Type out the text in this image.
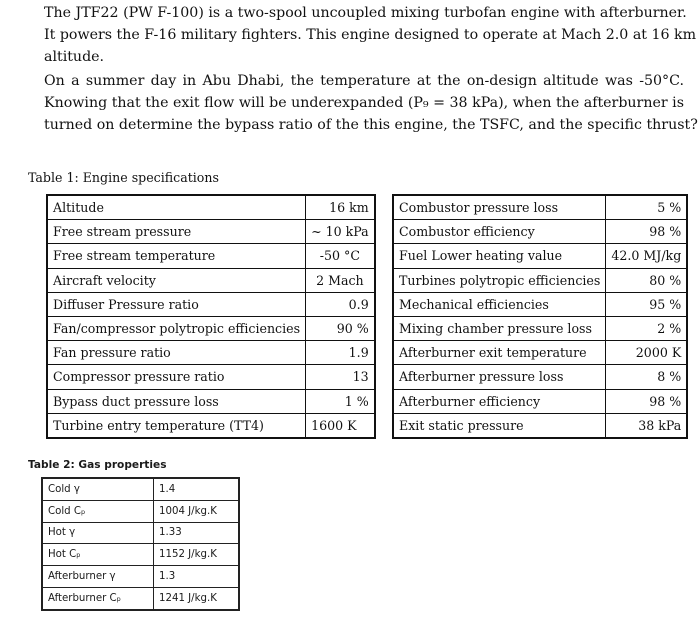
The JTF22 (PW F-100) is a two-spool uncoupled mixing turbofan engine with afterburner.
It powers the F-16 military fighters. This engine designed to operate at Mach 2.0 at 16 km
altitude.
On a summer day in Abu Dhabi, the temperature at the on-design altitude was -50°C.
Knowing that the exit flow will be underexpanded (P₉ = 38 kPa), when the afterburner is
turned on determine the bypass ratio of the this engine, the TSFC, and the specific thrust?
Table 1: Engine specifications
Altitude	16 km
Free stream pressure	~ 10 kPa
Free stream temperature	-50 °C
Aircraft velocity	2 Mach
Diffuser Pressure ratio	0.9
Fan/compressor polytropic efficiencies	90 %
Fan pressure ratio	1.9
Compressor pressure ratio	13
Bypass duct pressure loss	1 %
Turbine entry temperature (TT4)	1600 K
Combustor pressure loss	5 %
Combustor efficiency	98 %
Fuel Lower heating value	42.0 MJ/kg
Turbines polytropic efficiencies	80 %
Mechanical efficiencies	95 %
Mixing chamber pressure loss	2 %
Afterburner exit temperature	2000 K
Afterburner pressure loss	8 %
Afterburner efficiency	98 %
Exit static pressure	38 kPa
Table 2: Gas properties
Cold γ	1.4
Cold Cₚ	1004 J/kg.K
Hot γ	1.33
Hot Cₚ	1152 J/kg.K
Afterburner γ	1.3
Afterburner Cₚ	1241 J/kg.K
